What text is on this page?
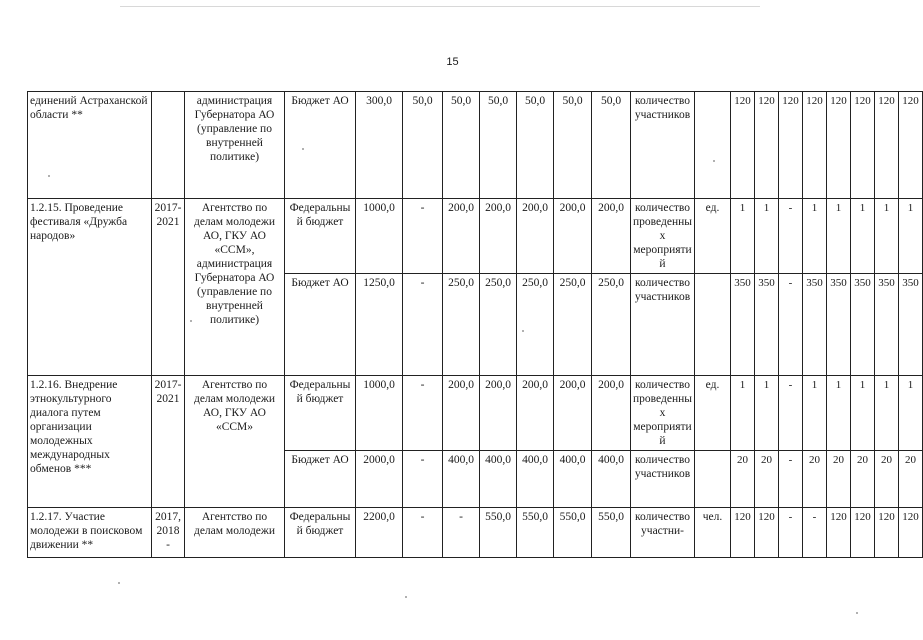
15
единений Астраханской области **		администрация Губернатора АО (управление по внутренней политике)	Бюджет АО	300,0	50,0	50,0	50,0	50,0	50,0	50,0	количество участников		120	120	120	120	120	120	120	120
1.2.15. Проведение фестиваля «Дружба народов»	2017-2021	Агентство по делам молодежи АО, ГКУ АО «ССМ», администрация Губернатора АО (управление по внутренней политике)	Федеральный бюджет	1000,0	-	200,0	200,0	200,0	200,0	200,0	количество проведенных мероприятий	ед.	1	1	-	1	1	1	1	1
			Бюджет АО	1250,0	-	250,0	250,0	250,0	250,0	250,0	количество участников		350	350	-	350	350	350	350	350
1.2.16. Внедрение этнокультурного диалога путем организации молодежных международных обменов ***	2017-2021	Агентство по делам молодежи АО, ГКУ АО «ССМ»	Федеральный бюджет	1000,0	-	200,0	200,0	200,0	200,0	200,0	количество проведенных мероприятий	ед.	1	1	-	1	1	1	1	1
			Бюджет АО	2000,0	-	400,0	400,0	400,0	400,0	400,0	количество участников		20	20	-	20	20	20	20	20
1.2.17. Участие молодежи в поисковом движении **	2017, 2018 -	Агентство по делам молодежи	Федеральный бюджет	2200,0	-	-	550,0	550,0	550,0	550,0	количество участни-	чел.	120	120	-	-	120	120	120	120
